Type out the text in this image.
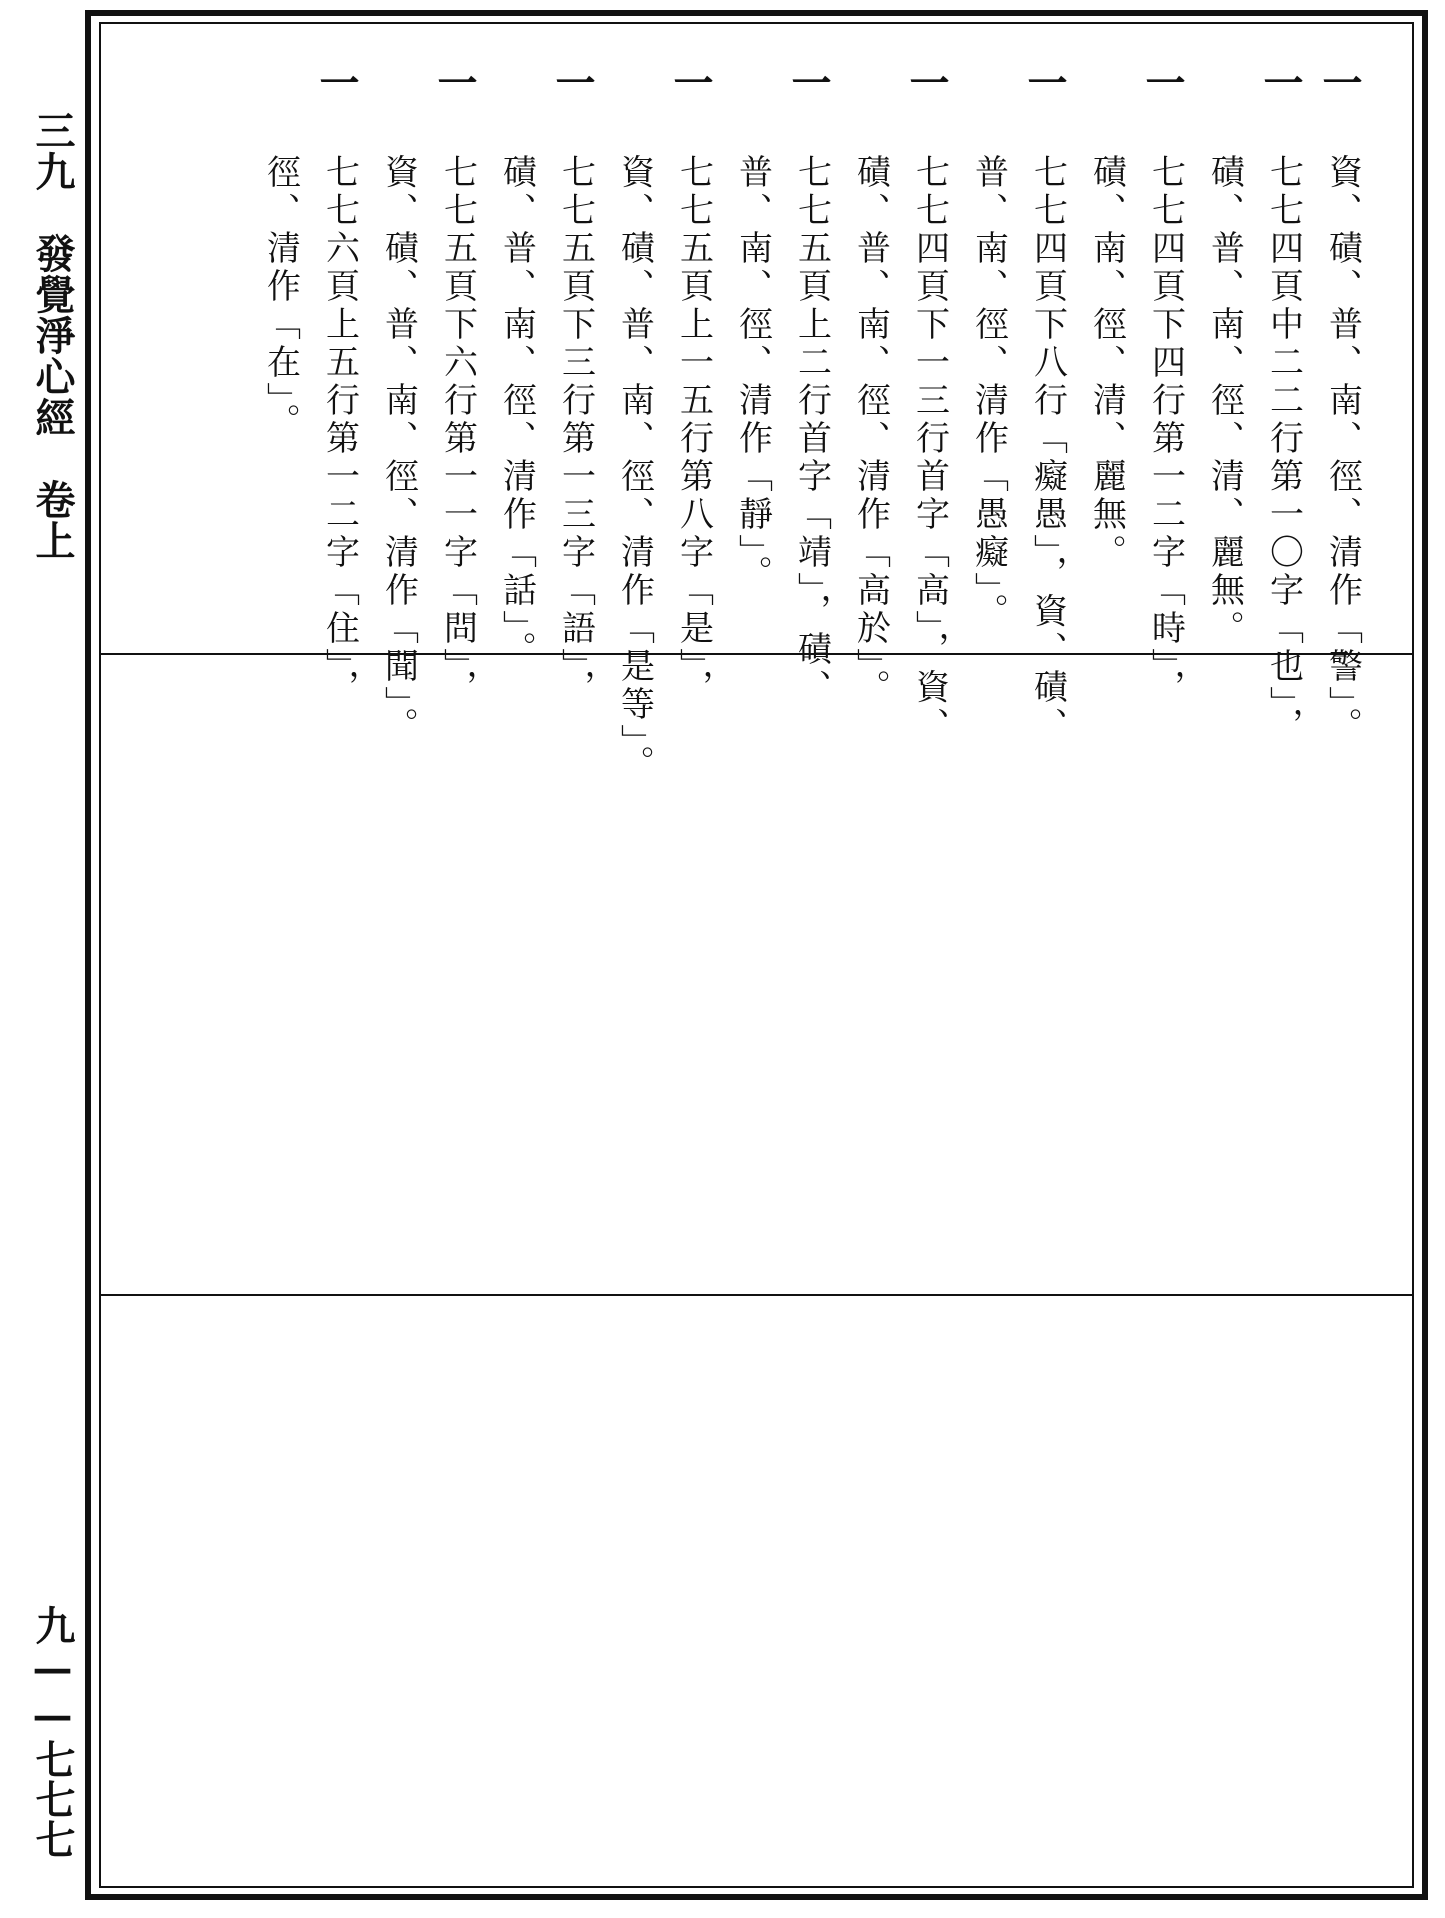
三九　發覺淨心經　卷上
九——七七七
一
資、磧、普、南、徑、清作「警」。
一
七七四頁中二二行第一〇字「也」，
磧、普、南、徑、清、麗無。
一
七七四頁下四行第一二字「時」，
磧、南、徑、清、麗無。
一
七七四頁下八行「癡愚」，資、磧、
普、南、徑、清作「愚癡」。
一
七七四頁下一三行首字「高」，資、
磧、普、南、徑、清作「高於」。
一
七七五頁上二行首字「靖」，磧、
普、南、徑、清作「靜」。
一
七七五頁上一五行第八字「是」，
資、磧、普、南、徑、清作「是等」。
一
七七五頁下三行第一三字「語」，
磧、普、南、徑、清作「話」。
一
七七五頁下六行第一一字「問」，
資、磧、普、南、徑、清作「聞」。
一
七七六頁上五行第一二字「住」，
徑、清作「在」。
